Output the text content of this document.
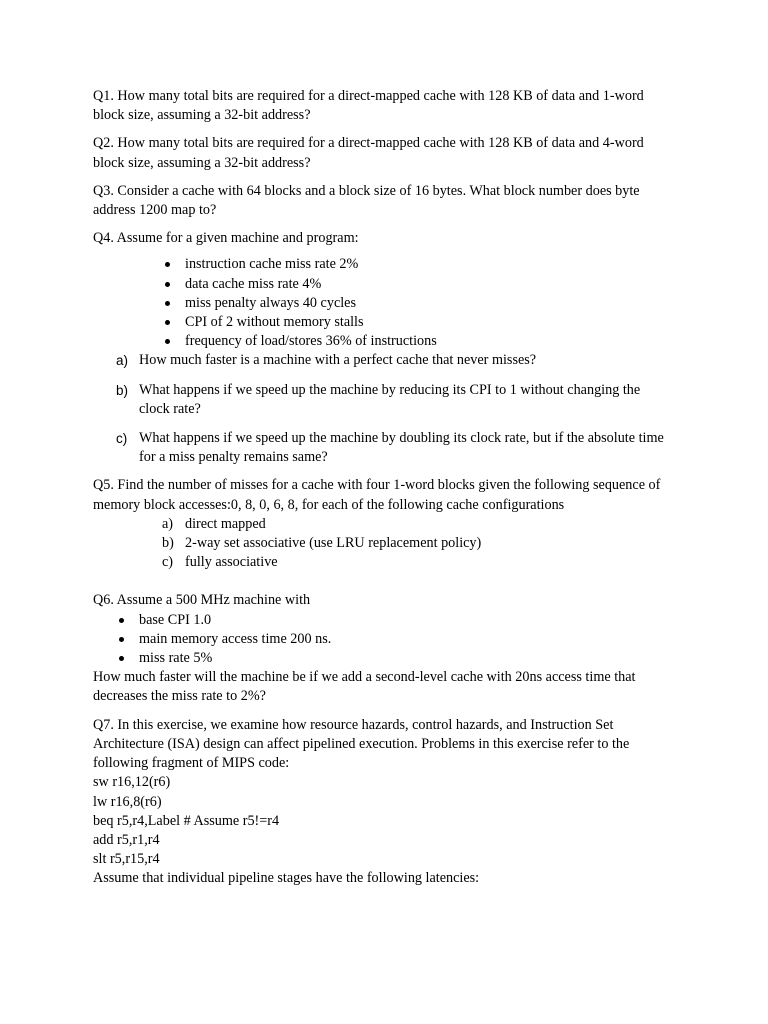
Q1. How many total bits are required for a direct-mapped cache with 128 KB of data and 1-word block size, assuming a 32-bit address?

Q2. How many total bits are required for a direct-mapped cache with 128 KB of data and 4-word block size, assuming a 32-bit address?

Q3. Consider a cache with 64 blocks and a block size of 16 bytes. What block number does byte address 1200 map to?

Q4. Assume for a given machine and program:

instruction cache miss rate 2%
data cache miss rate 4%
miss penalty always 40 cycles
CPI of 2 without memory stalls
frequency of load/stores 36% of instructions
a) How much faster is a machine with a perfect cache that never misses?
b) What happens if we speed up the machine by reducing its CPI to 1 without changing the clock rate?
c) What happens if we speed up the machine by doubling its clock rate, but if the absolute time for a miss penalty remains same?

Q5. Find the number of misses for a cache with four 1-word blocks given the following sequence of memory block accesses:0, 8, 0, 6, 8, for each of the following cache configurations

a) direct mapped
b) 2-way set associative (use LRU replacement policy)
c) fully associative

Q6. Assume a 500 MHz machine with

base CPI 1.0
main memory access time 200 ns.
miss rate 5%

How much faster will the machine be if we add a second-level cache with 20ns access time that decreases the miss rate to 2%?

Q7. In this exercise, we examine how resource hazards, control hazards, and Instruction Set Architecture (ISA) design can affect pipelined execution. Problems in this exercise refer to the following fragment of MIPS code:

sw r16,12(r6)

lw r16,8(r6)

beq r5,r4,Label # Assume r5!=r4

add r5,r1,r4

slt r5,r15,r4

Assume that individual pipeline stages have the following latencies:
